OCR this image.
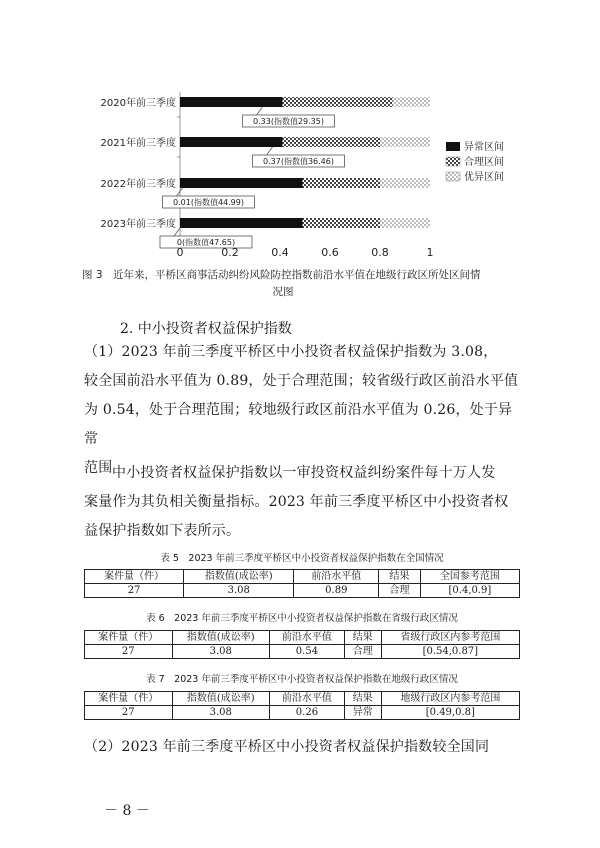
2020年前三季度
2021年前三季度
2022年前三季度
2023年前三季度
0.33(指数值29.35)
0.37(指数值36.46)
0.01(指数值44.99)
0(指数值47.65)
0	0.2	0.4	0.6	0.8	1
异常区间
合理区间
优异区间
图 3　近年来，平桥区商事活动纠纷风险防控指数前沿水平值在地级行政区所处区间情
况图
2. 中小投资者权益保护指数
（1）2023 年前三季度平桥区中小投资者权益保护指数为 3.08，
较全国前沿水平值为 0.89，处于合理范围；较省级行政区前沿水平值
为 0.54，处于合理范围；较地级行政区前沿水平值为 0.26，处于异常
范围 中小投资者权益保护指数以一审投资权益纠纷案件每十万人发
案量作为其负相关衡量指标。2023 年前三季度平桥区中小投资者权
益保护指数如下表所示。
表 5　2023 年前三季度平桥区中小投资者权益保护指数在全国情况
案件量（件）	指数值(成讼率)	前沿水平值	结果	全国参考范围
27	3.08	0.89	合理	[0.4,0.9]
表 6　2023 年前三季度平桥区中小投资者权益保护指数在省级行政区情况
案件量（件）	指数值(成讼率)	前沿水平值	结果	省级行政区内参考范围
27	3.08	0.54	合理	[0.54,0.87]
表 7　2023 年前三季度平桥区中小投资者权益保护指数在地级行政区情况
案件量（件）	指数值(成讼率)	前沿水平值	结果	地级行政区内参考范围
27	3.08	0.26	异常	[0.49,0.8]
（2）2023 年前三季度平桥区中小投资者权益保护指数较全国同
－ 8 －
